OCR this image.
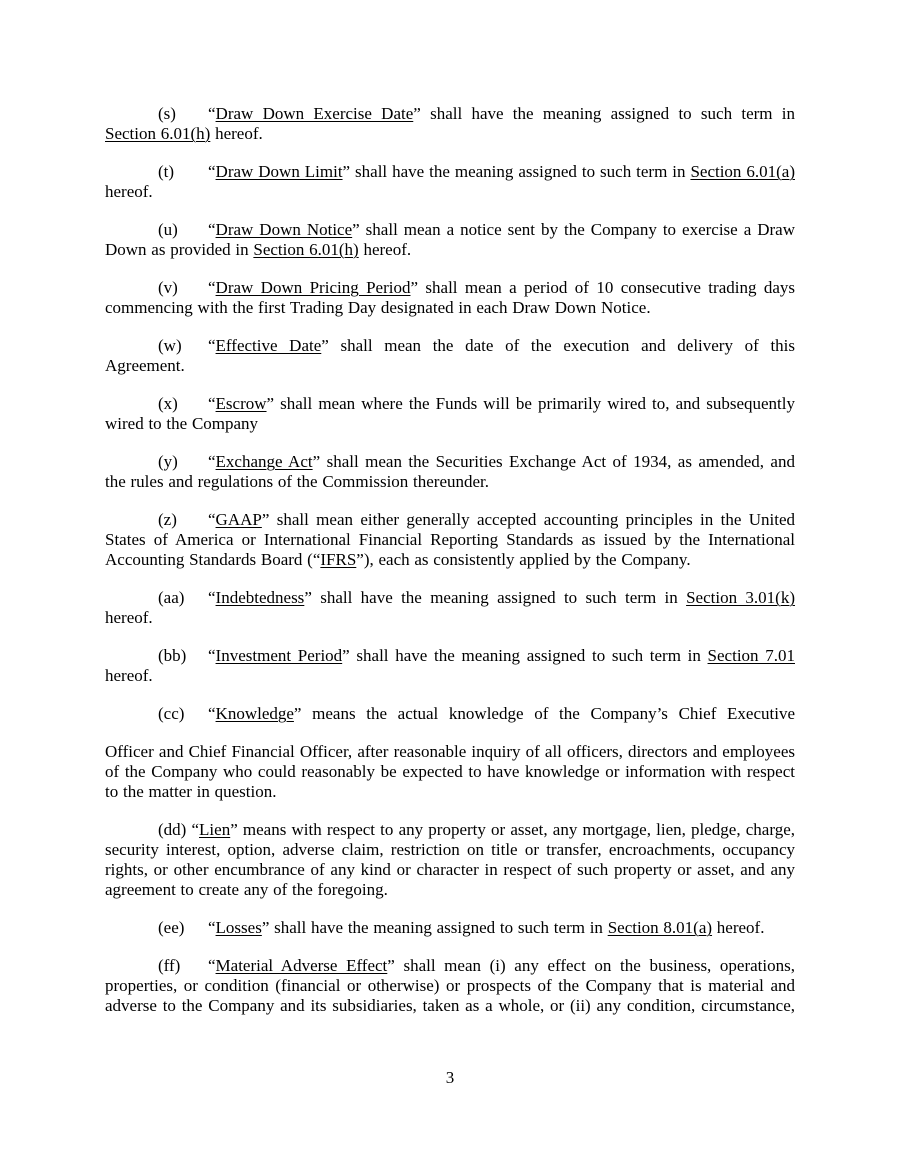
(s) “Draw Down Exercise Date” shall have the meaning assigned to such term in Section 6.01(h) hereof.

(t) “Draw Down Limit” shall have the meaning assigned to such term in Section 6.01(a) hereof.

(u) “Draw Down Notice” shall mean a notice sent by the Company to exercise a Draw Down as provided in Section 6.01(h) hereof.

(v) “Draw Down Pricing Period” shall mean a period of 10 consecutive trading days commencing with the first Trading Day designated in each Draw Down Notice.

(w) “Effective Date” shall mean the date of the execution and delivery of this Agreement.

(x) “Escrow” shall mean where the Funds will be primarily wired to, and subsequently wired to the Company

(y) “Exchange Act” shall mean the Securities Exchange Act of 1934, as amended, and the rules and regulations of the Commission thereunder.

(z) “GAAP” shall mean either generally accepted accounting principles in the United States of America or International Financial Reporting Standards as issued by the International Accounting Standards Board (“IFRS”), each as consistently applied by the Company.

(aa) “Indebtedness” shall have the meaning assigned to such term in Section 3.01(k) hereof.

(bb) “Investment Period” shall have the meaning assigned to such term in Section 7.01 hereof.

(cc) “Knowledge” means the actual knowledge of the Company’s Chief Executive

Officer and Chief Financial Officer, after reasonable inquiry of all officers, directors and employees of the Company who could reasonably be expected to have knowledge or information with respect to the matter in question.

(dd) “Lien” means with respect to any property or asset, any mortgage, lien, pledge, charge, security interest, option, adverse claim, restriction on title or transfer, encroachments, occupancy rights, or other encumbrance of any kind or character in respect of such property or asset, and any agreement to create any of the foregoing.

(ee) “Losses” shall have the meaning assigned to such term in Section 8.01(a) hereof.

(ff) “Material Adverse Effect” shall mean (i) any effect on the business, operations, properties, or condition (financial or otherwise) or prospects of the Company that is material and adverse to the Company and its subsidiaries, taken as a whole, or (ii) any condition, circumstance,

3
